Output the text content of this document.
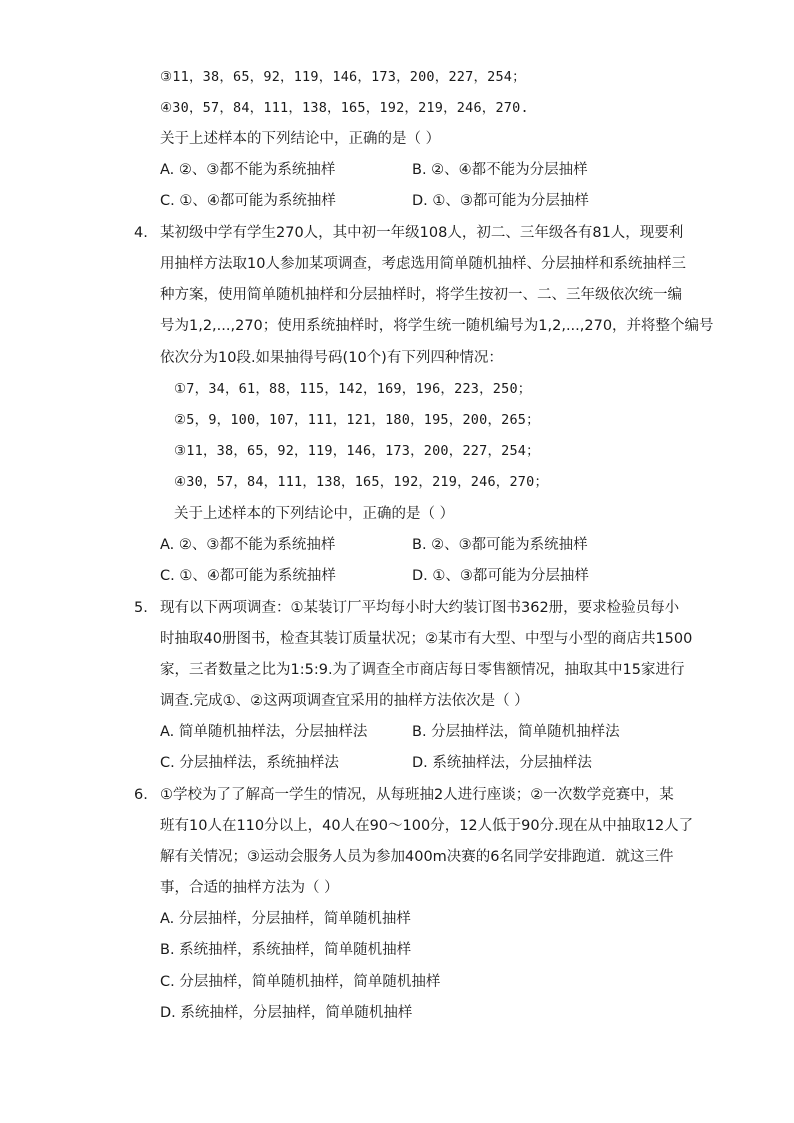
③11，38，65，92，119，146，173，200，227，254；
④30，57，84，111，138，165，192，219，246，270.
关于上述样本的下列结论中，正确的是（ ）
A. ②、③都不能为系统抽样	B. ②、④都不能为分层抽样
C. ①、④都可能为系统抽样	D. ①、③都可能为分层抽样
4. 某初级中学有学生270人，其中初一年级108人，初二、三年级各有81人，现要利
用抽样方法取10人参加某项调查，考虑选用简单随机抽样、分层抽样和系统抽样三
种方案，使用简单随机抽样和分层抽样时，将学生按初一、二、三年级依次统一编
号为1,2,...,270；使用系统抽样时，将学生统一随机编号为1,2,...,270，并将整个编号
依次分为10段.如果抽得号码(10个)有下列四种情况：
①7，34，61，88，115，142，169，196，223，250；
②5，9，100，107，111，121，180，195，200，265；
③11，38，65，92，119，146，173，200，227，254；
④30，57，84，111，138，165，192，219，246，270；
关于上述样本的下列结论中，正确的是（ ）
A. ②、③都不能为系统抽样	B. ②、③都可能为系统抽样
C. ①、④都可能为系统抽样	D. ①、③都可能为分层抽样
5. 现有以下两项调查：①某装订厂平均每小时大约装订图书362册，要求检验员每小
时抽取40册图书，检查其装订质量状况；②某市有大型、中型与小型的商店共1500
家，三者数量之比为1:5:9.为了调查全市商店每日零售额情况，抽取其中15家进行
调查.完成①、②这两项调查宜采用的抽样方法依次是（ ）
A. 简单随机抽样法，分层抽样法	B. 分层抽样法，简单随机抽样法
C. 分层抽样法，系统抽样法	D. 系统抽样法，分层抽样法
6. ①学校为了了解高一学生的情况，从每班抽2人进行座谈；②一次数学竞赛中，某
班有10人在110分以上，40人在90～100分，12人低于90分.现在从中抽取12人了
解有关情况；③运动会服务人员为参加400m决赛的6名同学安排跑道．就这三件
事，合适的抽样方法为（ ）
A. 分层抽样，分层抽样，简单随机抽样
B. 系统抽样，系统抽样，简单随机抽样
C. 分层抽样，简单随机抽样，简单随机抽样
D. 系统抽样，分层抽样，简单随机抽样
